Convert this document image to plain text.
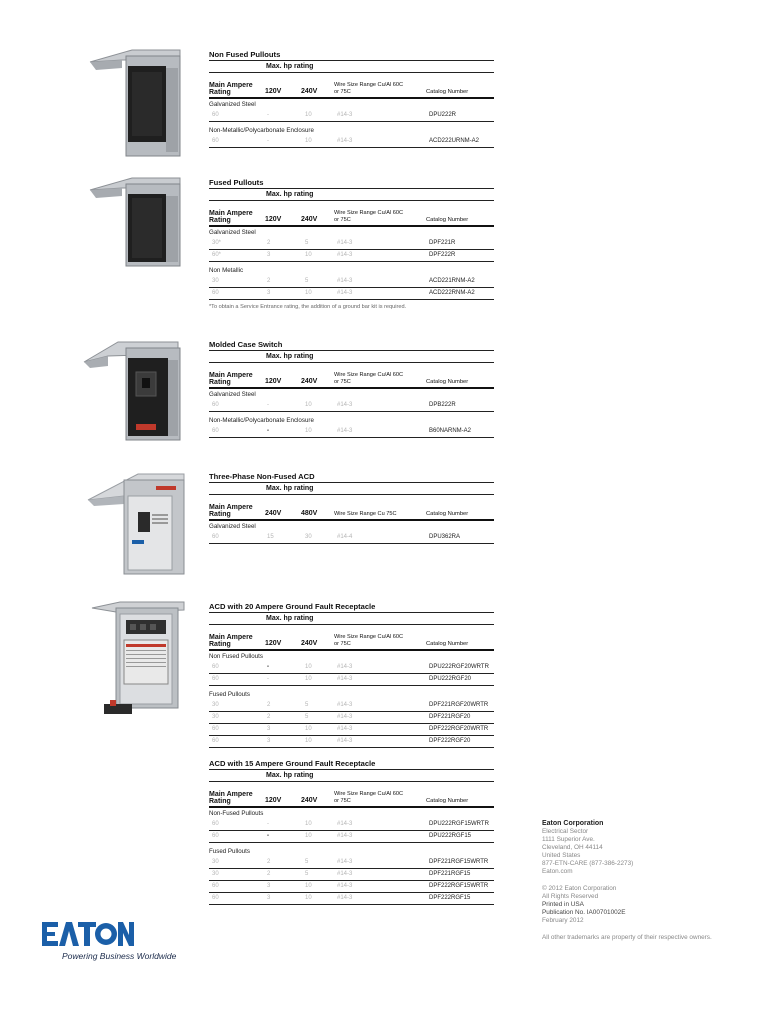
Non Fused Pullouts
Max. hp rating
Main Ampere
Rating	120V	240V
Wire Size Range Cu/Al 60C
or 75C	Catalog Number
Galvanized Steel
60	-	10	#14-3	DPU222R
Non-Metallic/Polycarbonate Enclosure
60	-	10	#14-3	ACD222URNM-A2
Fused Pullouts
Max. hp rating
Main Ampere
Rating	120V	240V
Wire Size Range Cu/Al 60C
or 75C	Catalog Number
Galvanized Steel
30*	2	5	#14-3	DPF221R
60*	3	10	#14-3	DPF222R
Non Metallic
30	2	5	#14-3	ACD221RNM-A2
60	3	10	#14-3	ACD222RNM-A2
*To obtain a Service Entrance rating, the addition of a ground bar kit is required.
Molded Case Switch
Max. hp rating
Main Ampere
Rating	120V	240V
Wire Size Range Cu/Al 60C
or 75C	Catalog Number
Galvanized Steel
60	-	10	#14-3	DPB222R
Non-Metallic/Polycarbonate Enclosure
60	-	10	#14-3	B60NARNM-A2
Three-Phase Non-Fused ACD
Max. hp rating
Main Ampere
Rating	240V	480V	Wire Size Range Cu 75C	Catalog Number
Galvanized Steel
60	15	30	#14-4	DPU362RA
ACD with 20 Ampere Ground Fault Receptacle
Max. hp rating
Main Ampere
Rating	120V	240V
Wire Size Range Cu/Al 60C
or 75C	Catalog Number
Non Fused Pullouts
60	-	10	#14-3	DPU222RGF20WRTR
60	-	10	#14-3	DPU222RGF20
Fused Pullouts
30	2	5	#14-3	DPF221RGF20WRTR
30	2	5	#14-3	DPF221RGF20
60	3	10	#14-3	DPF222RGF20WRTR
60	3	10	#14-3	DPF222RGF20
ACD with 15 Ampere Ground Fault Receptacle
Max. hp rating
Main Ampere
Rating	120V	240V
Wire Size Range Cu/Al 60C
or 75C	Catalog Number
Non-Fused Pullouts
60	-	10	#14-3	DPU222RGF15WRTR
60	-	10	#14-3	DPU222RGF15
Fused Pullouts
30	2	5	#14-3	DPF221RGF15WRTR
30	2	5	#14-3	DPF221RGF15
60	3	10	#14-3	DPF222RGF15WRTR
60	3	10	#14-3	DPF222RGF15

Eaton Corporation

Electrical Sector

1111 Superior Ave.

Cleveland, OH 44114

United States

877-ETN-CARE (877-386-2273)

Eaton.com

© 2012 Eaton Corporation

All Rights Reserved

Printed in USA

Publication No. IA00701002E

February 2012

All other trademarks are property of their respective owners.

Powering Business Worldwide
